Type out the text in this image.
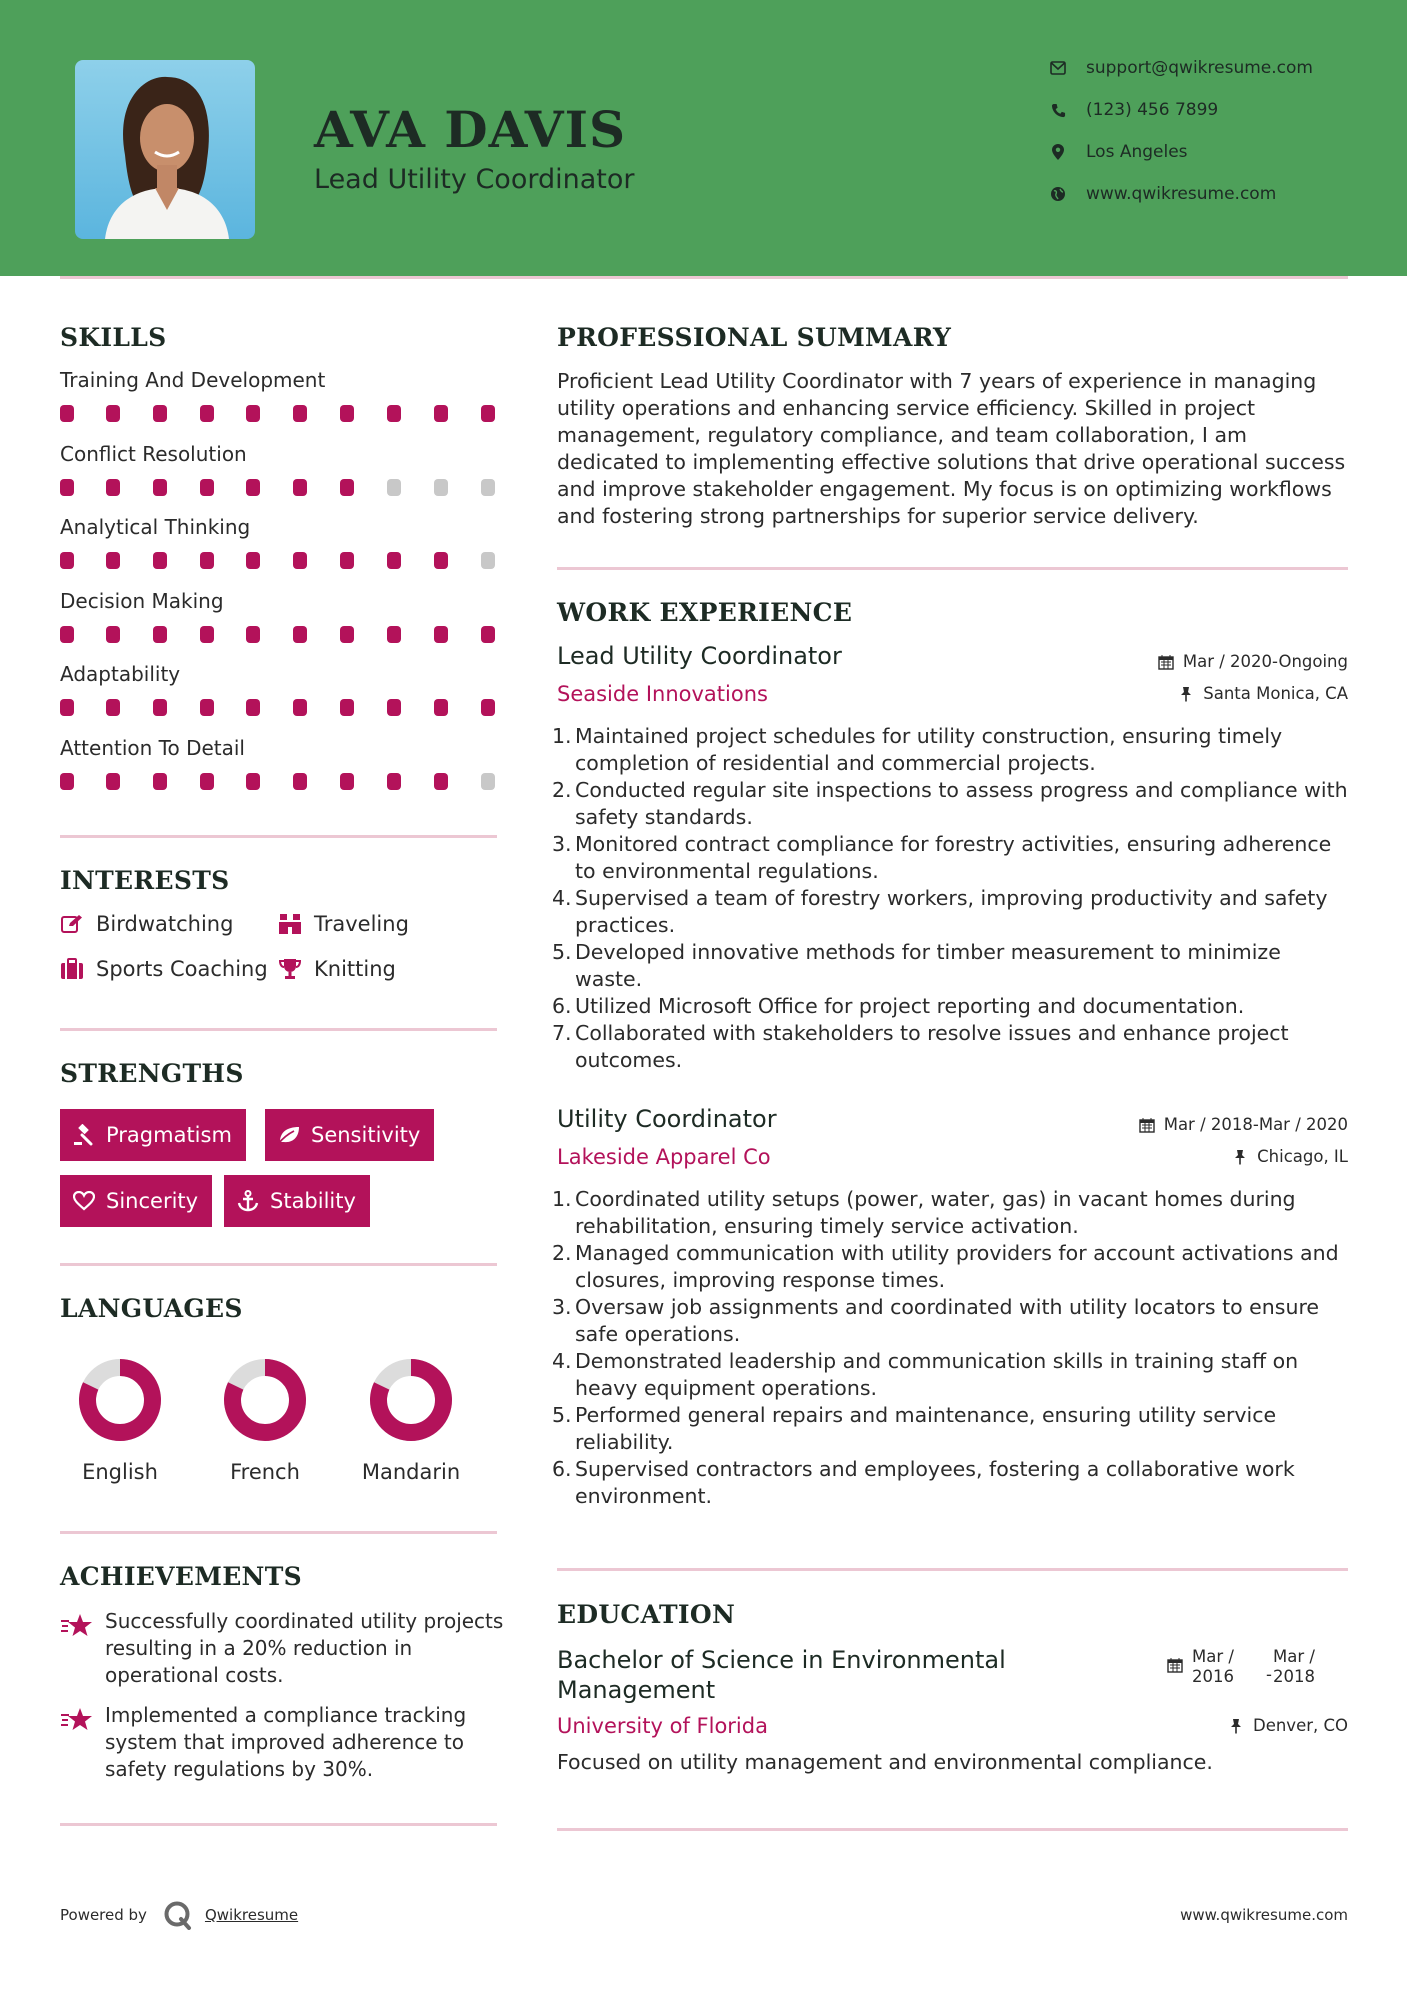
AVA DAVIS
Lead Utility Coordinator
support@qwikresume.com
(123) 456 7899
Los Angeles
www.qwikresume.com
SKILLS
Training And Development
Conflict Resolution
Analytical Thinking
Decision Making
Adaptability
Attention To Detail
INTERESTS
Birdwatching	Traveling
Sports Coaching Knitting
STRENGTHS
Pragmatism	Sensitivity
Sincerity	Stability
LANGUAGES
English	French	Mandarin
ACHIEVEMENTS
Successfully coordinated utility projects resulting in a 20% reduction in operational costs.
Implemented a compliance tracking system that improved adherence to safety regulations by 30%.
PROFESSIONAL SUMMARY
Proficient Lead Utility Coordinator with 7 years of experience in managing utility operations and enhancing service efficiency. Skilled in project management, regulatory compliance, and team collaboration, I am dedicated to implementing effective solutions that drive operational success and improve stakeholder engagement. My focus is on optimizing workflows and fostering strong partnerships for superior service delivery.
WORK EXPERIENCE
Lead Utility Coordinator	Mar / 2020-Ongoing
Seaside Innovations	Santa Monica, CA
1. Maintained project schedules for utility construction, ensuring timely completion of residential and commercial projects.
2. Conducted regular site inspections to assess progress and compliance with safety standards.
3. Monitored contract compliance for forestry activities, ensuring adherence to environmental regulations.
4. Supervised a team of forestry workers, improving productivity and safety practices.
5. Developed innovative methods for timber measurement to minimize waste.
6. Utilized Microsoft Office for project reporting and documentation.
7. Collaborated with stakeholders to resolve issues and enhance project outcomes.
Utility Coordinator	Mar / 2018-Mar / 2020
Lakeside Apparel Co	Chicago, IL
1. Coordinated utility setups (power, water, gas) in vacant homes during rehabilitation, ensuring timely service activation.
2. Managed communication with utility providers for account activations and closures, improving response times.
3. Oversaw job assignments and coordinated with utility locators to ensure safe operations.
4. Demonstrated leadership and communication skills in training staff on heavy equipment operations.
5. Performed general repairs and maintenance, ensuring utility service reliability.
6. Supervised contractors and employees, fostering a collaborative work environment.
EDUCATION
Bachelor of Science in Environmental Management
Mar /
2016 -
Mar /
2018
University of Florida	Denver, CO
Focused on utility management and environmental compliance.
Powered by	Qwikresume	www.qwikresume.com
